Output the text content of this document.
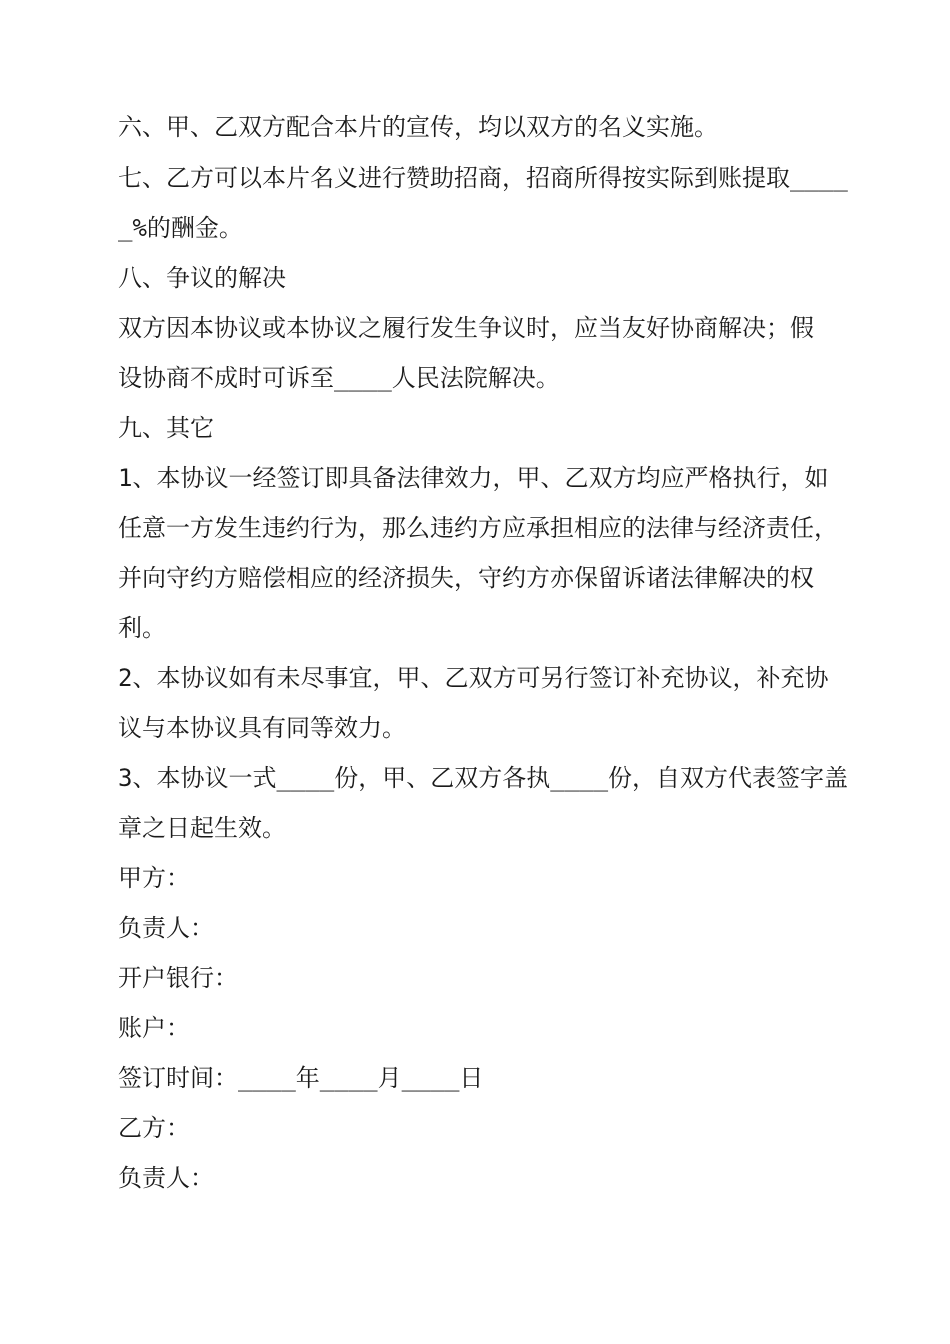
六、甲、乙双方配合本片的宣传，均以双方的名义实施。

七、乙方可以本片名义进行赞助招商，招商所得按实际到账提取____

_%的酬金。

八、争议的解决

双方因本协议或本协议之履行发生争议时，应当友好协商解决；假

设协商不成时可诉至____人民法院解决。

九、其它

1、本协议一经签订即具备法律效力，甲、乙双方均应严格执行，如

任意一方发生违约行为，那么违约方应承担相应的法律与经济责任，

并向守约方赔偿相应的经济损失，守约方亦保留诉诸法律解决的权

利。

2、本协议如有未尽事宜，甲、乙双方可另行签订补充协议，补充协

议与本协议具有同等效力。

3、本协议一式____份，甲、乙双方各执____份，自双方代表签字盖

章之日起生效。

甲方：

负责人：

开户银行：

账户：

签订时间：____年____月____日

乙方：

负责人：
